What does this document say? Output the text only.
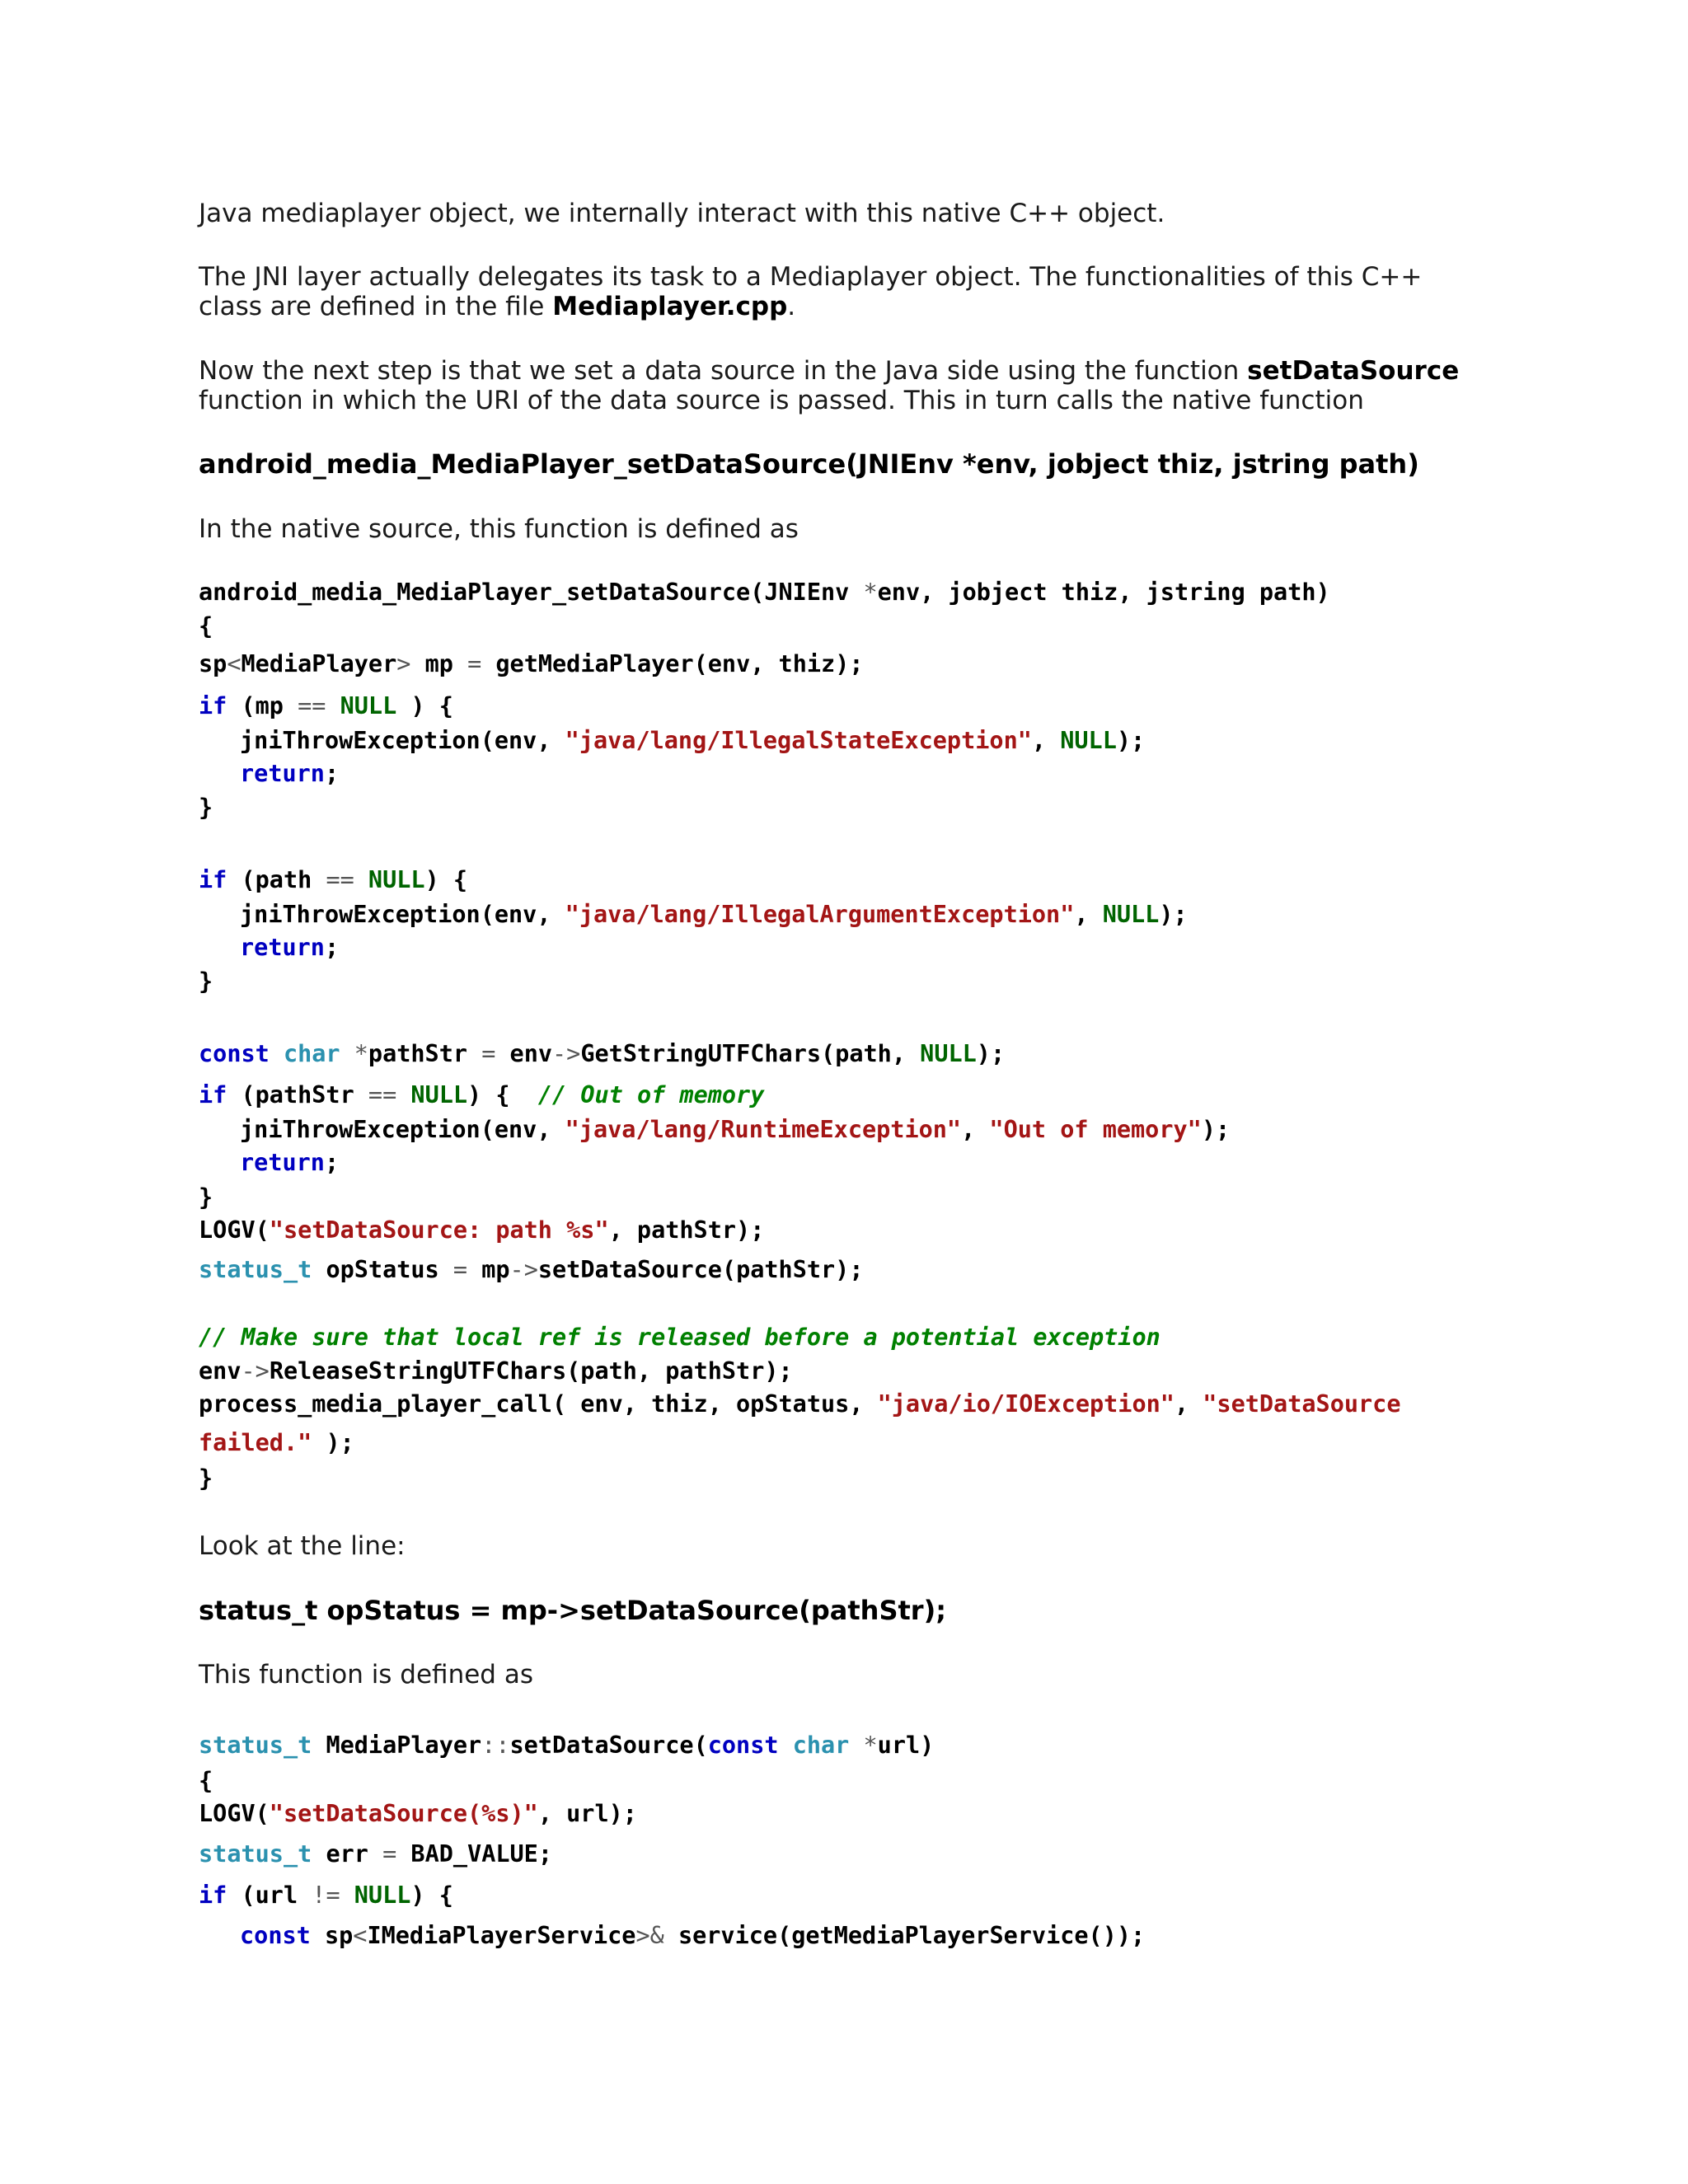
Java mediaplayer object, we internally interact with this native C++ object.
The JNI layer actually delegates its task to a Mediaplayer object. The functionalities of this C++
class are defined in the file Mediaplayer.cpp.
Now the next step is that we set a data source in the Java side using the function setDataSource
function in which the URI of the data source is passed. This in turn calls the native function
android_media_MediaPlayer_setDataSource(JNIEnv *env, jobject thiz, jstring path)
In the native source, this function is defined as
android_media_MediaPlayer_setDataSource(JNIEnv *env, jobject thiz, jstring path)
{
sp<MediaPlayer> mp = getMediaPlayer(env, thiz);
if (mp == NULL ) {
jniThrowException(env, "java/lang/IllegalStateException", NULL);
return;
}
if (path == NULL) {
jniThrowException(env, "java/lang/IllegalArgumentException", NULL);
return;
}
const char *pathStr = env->GetStringUTFChars(path, NULL);
if (pathStr == NULL) {  // Out of memory
jniThrowException(env, "java/lang/RuntimeException", "Out of memory");
return;
}
LOGV("setDataSource: path %s", pathStr);
status_t opStatus = mp->setDataSource(pathStr);
// Make sure that local ref is released before a potential exception
env->ReleaseStringUTFChars(path, pathStr);
process_media_player_call( env, thiz, opStatus, "java/io/IOException", "setDataSource
failed." );
}
Look at the line:
status_t opStatus = mp->setDataSource(pathStr);
This function is defined as
status_t MediaPlayer::setDataSource(const char *url)
{
LOGV("setDataSource(%s)", url);
status_t err = BAD_VALUE;
if (url != NULL) {
const sp<IMediaPlayerService>& service(getMediaPlayerService());
